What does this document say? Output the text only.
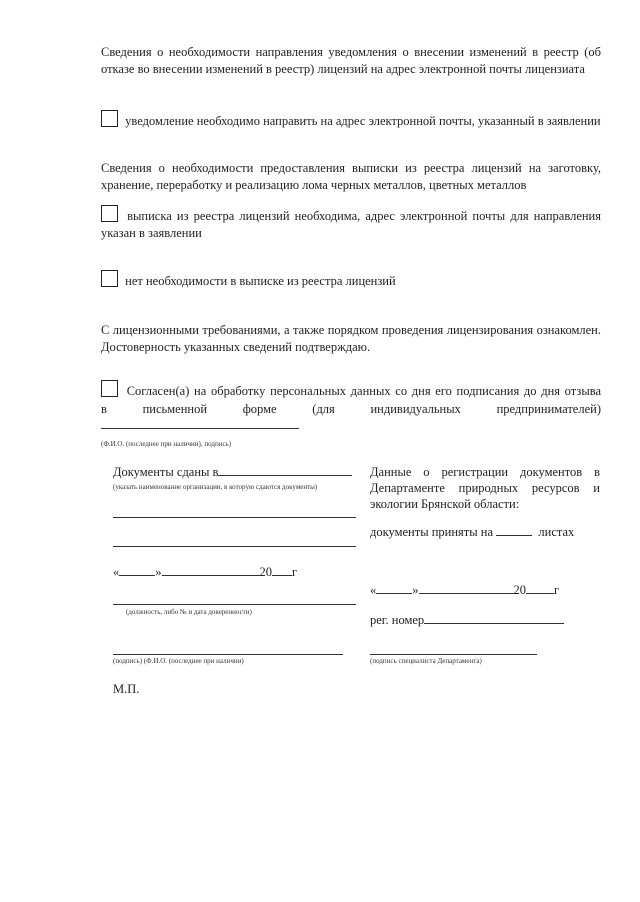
Сведения о необходимости направления уведомления о внесении изменений в реестр (об отказе во внесении изменений в реестр) лицензий на адрес электронной почты лицензиата
уведомление необходимо направить на адрес электронной почты, указанный в заявлении
Сведения о необходимости предоставления выписки из реестра лицензий на заготовку, хранение, переработку и реализацию лома черных металлов, цветных металлов
выписка из реестра лицензий необходима, адрес электронной почты для направления указан в заявлении
нет необходимости в выписке из реестра лицензий
С лицензионными требованиями, а также порядком проведения лицензирования ознакомлен. Достоверность указанных сведений подтверждаю.
Согласен(а) на обработку персональных данных со дня его подписания до дня отзыва
в письменной форме (для индивидуальных предпринимателей)
(Ф.И.О. (последнее при наличии), подпись)
Документы сданы в
(указать наименование организации, в которую сдаются документы)
«	»	20 г
(должность, либо № и дата доверенности)
(подпись) (Ф.И.О. (последнее при наличии)
М.П.
Данные о регистрации документов в Департаменте природных ресурсов и экологии Брянской области:
документы приняты на	листах
«	»	20 г
рег. номер
(подпись специалиста Департамента)
